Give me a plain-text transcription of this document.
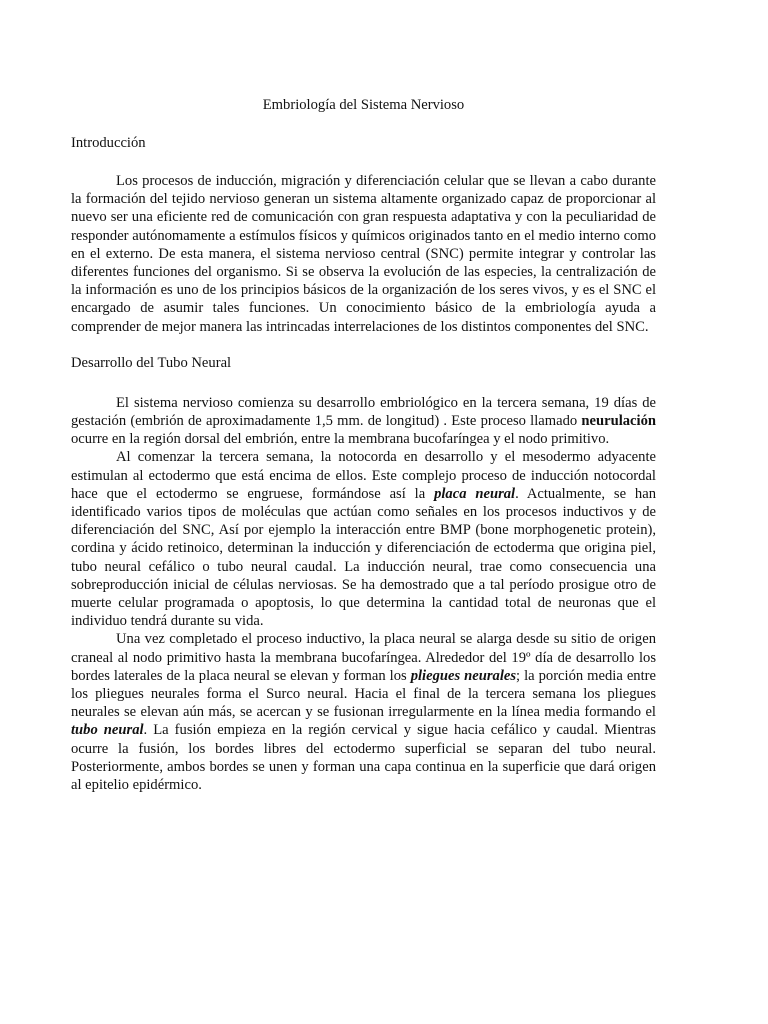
Embriología del Sistema Nervioso
Introducción

Los procesos de inducción, migración y diferenciación celular que se llevan a cabo durante la formación del tejido nervioso generan un sistema altamente organizado capaz de proporcionar al nuevo ser una eficiente red de comunicación con gran respuesta adaptativa y con la peculiaridad de responder autónomamente a estímulos físicos y químicos originados tanto en el medio interno como en el externo. De esta manera, el sistema nervioso central (SNC) permite integrar y controlar las diferentes funciones del organismo. Si se observa la evolución de las especies, la centralización de la información es uno de los principios básicos de la organización de los seres vivos, y es el SNC el encargado de asumir tales funciones. Un conocimiento básico de la embriología ayuda a comprender de mejor manera las intrincadas interrelaciones de los distintos componentes del SNC.

Desarrollo del Tubo Neural

El sistema nervioso comienza su desarrollo embriológico en la tercera semana, 19 días de gestación (embrión de aproximadamente 1,5 mm. de longitud) . Este proceso llamado neurulación ocurre en la región dorsal del embrión, entre la membrana bucofaríngea y el nodo primitivo.

Al comenzar la tercera semana, la notocorda en desarrollo y el mesodermo adyacente estimulan al ectodermo que está encima de ellos. Este complejo proceso de inducción notocordal hace que el ectodermo se engruese, formándose así la placa neural. Actualmente, se han identificado varios tipos de moléculas que actúan como señales en los procesos inductivos y de diferenciación del SNC, Así por ejemplo la interacción entre BMP (bone morphogenetic protein), cordina y ácido retinoico, determinan la inducción y diferenciación de ectoderma que origina piel, tubo neural cefálico o tubo neural caudal. La inducción neural, trae como consecuencia una sobreproducción inicial de células nerviosas. Se ha demostrado que a tal período prosigue otro de muerte celular programada o apoptosis, lo que determina la cantidad total de neuronas que el individuo tendrá durante su vida.

Una vez completado el proceso inductivo, la placa neural se alarga desde su sitio de origen craneal al nodo primitivo hasta la membrana bucofaríngea. Alrededor del 19º día de desarrollo los bordes laterales de la placa neural se elevan y forman los pliegues neurales; la porción media entre los pliegues neurales forma el Surco neural. Hacia el final de la tercera semana los pliegues neurales se elevan aún más, se acercan y se fusionan irregularmente en la línea media formando el tubo neural. La fusión empieza en la región cervical y sigue hacia cefálico y caudal. Mientras ocurre la fusión, los bordes libres del ectodermo superficial se separan del tubo neural. Posteriormente, ambos bordes se unen y forman una capa continua en la superficie que dará origen al epitelio epidérmico.
